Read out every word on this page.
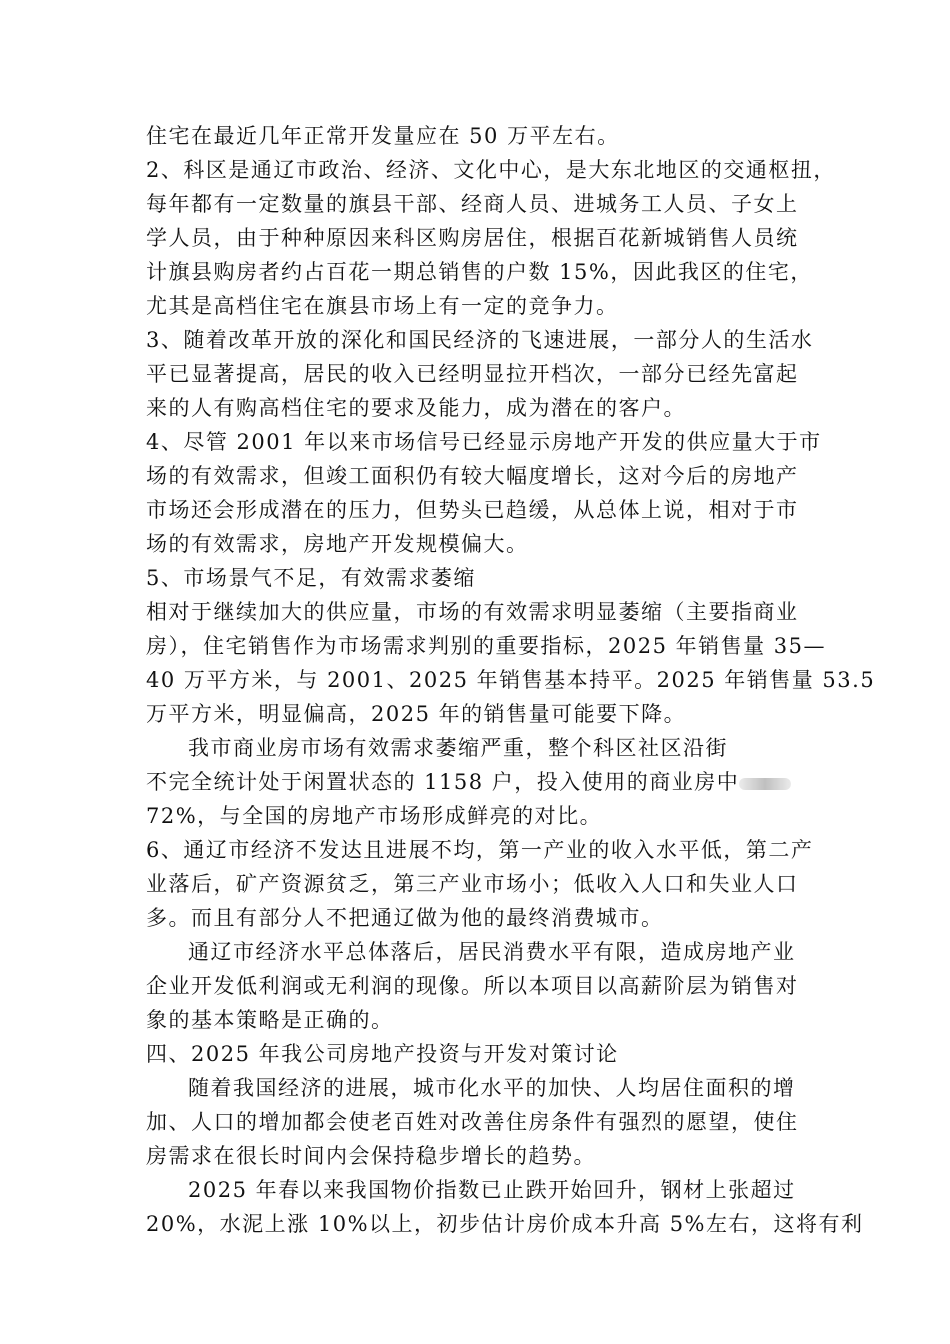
住宅在最近几年正常开发量应在 50 万平左右。
2、科区是通辽市政治、经济、文化中心，是大东北地区的交通枢扭，
每年都有一定数量的旗县干部、经商人员、进城务工人员、子女上
学人员，由于种种原因来科区购房居住，根据百花新城销售人员统
计旗县购房者约占百花一期总销售的户数 15%，因此我区的住宅，
尤其是高档住宅在旗县市场上有一定的竞争力。
3、随着改革开放的深化和国民经济的飞速进展，一部分人的生活水
平已显著提高，居民的收入已经明显拉开档次，一部分已经先富起
来的人有购高档住宅的要求及能力，成为潜在的客户。
4、尽管 2001 年以来市场信号已经显示房地产开发的供应量大于市
场的有效需求，但竣工面积仍有较大幅度增长，这对今后的房地产
市场还会形成潜在的压力，但势头已趋缓，从总体上说，相对于市
场的有效需求，房地产开发规模偏大。
5、市场景气不足，有效需求萎缩
相对于继续加大的供应量，市场的有效需求明显萎缩（主要指商业
房），住宅销售作为市场需求判别的重要指标，2025 年销售量 35—
40 万平方米，与 2001、2025 年销售基本持平。2025 年销售量 53.5
万平方米，明显偏高，2025 年的销售量可能要下降。
我市商业房市场有效需求萎缩严重，整个科区社区沿街
不完全统计处于闲置状态的 1158 户，投入使用的商业房中
72%，与全国的房地产市场形成鲜亮的对比。
6、通辽市经济不发达且进展不均，第一产业的收入水平低，第二产
业落后，矿产资源贫乏，第三产业市场小；低收入人口和失业人口
多。而且有部分人不把通辽做为他的最终消费城市。
通辽市经济水平总体落后，居民消费水平有限，造成房地产业
企业开发低利润或无利润的现像。所以本项目以高薪阶层为销售对
象的基本策略是正确的。
四、2025 年我公司房地产投资与开发对策讨论
随着我国经济的进展，城市化水平的加快、人均居住面积的增
加、人口的增加都会使老百姓对改善住房条件有强烈的愿望，使住
房需求在很长时间内会保持稳步增长的趋势。
2025 年春以来我国物价指数已止跌开始回升，钢材上张超过
20%，水泥上涨 10%以上，初步估计房价成本升高 5%左右，这将有利
